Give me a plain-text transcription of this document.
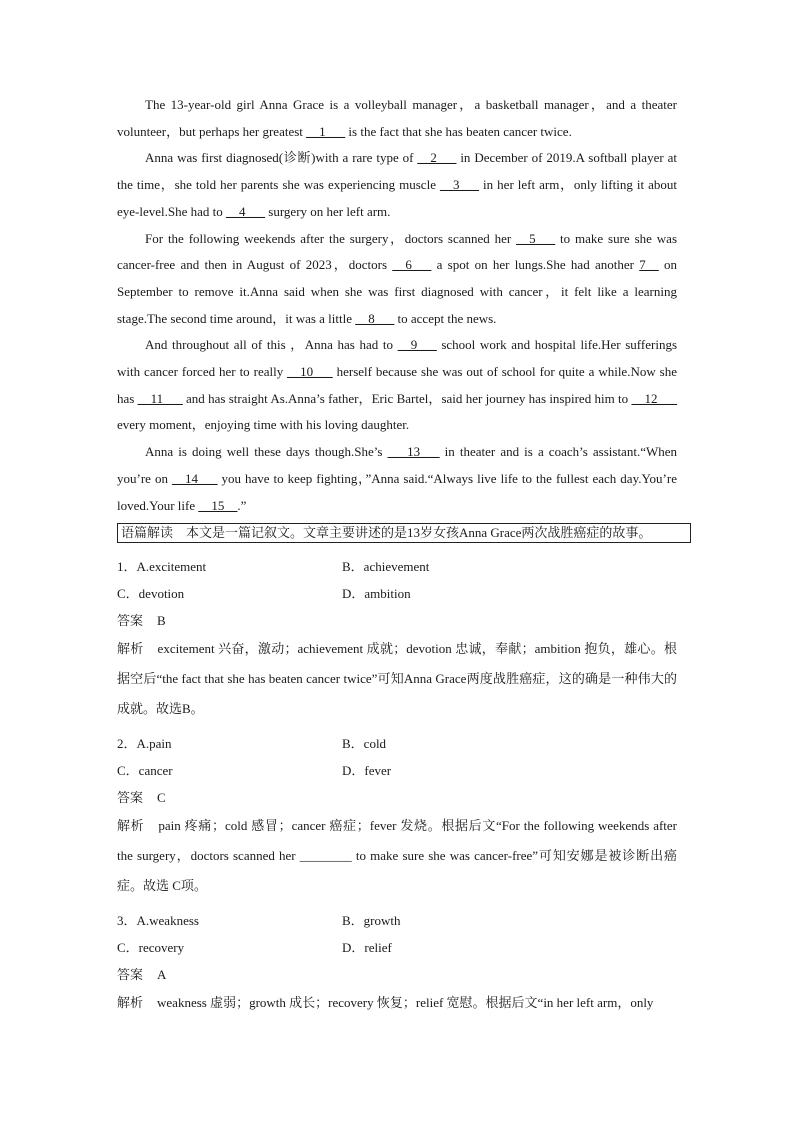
The 13-year-old girl Anna Grace is a volleyball manager，a basketball manager，and a theater volunteer，but perhaps her greatest __1___ is the fact that she has beaten cancer twice.

Anna was first diagnosed(诊断)with a rare type of __2___ in December of 2019.A softball player at the time，she told her parents she was experiencing muscle __3___ in her left arm，only lifting it about eye-level.She had to __4___ surgery on her left arm.

For the following weekends after the surgery，doctors scanned her __5___ to make sure she was cancer-free and then in August of 2023，doctors __6___ a spot on her lungs.She had another 7__ on September to remove it.Anna said when she was first diagnosed with cancer，it felt like a learning stage.The second time around，it was a little __8___ to accept the news.

And throughout all of this ，Anna has had to __9___ school work and hospital life.Her sufferings with cancer forced her to really __10___ herself because she was out of school for quite a while.Now she has __11___ and has straight As.Anna’s father，Eric Bartel，said her journey has inspired him to __12___ every moment，enjoying time with his loving daughter.

Anna is doing well these days though.She’s ___13___ in theater and is a coach’s assistant.“When you’re on __14___ you have to keep fighting，”Anna said.“Always live life to the fullest each day.You’re loved.Your life __15__.”

语篇解读　本文是一篇记叙文。文章主要讲述的是13岁女孩Anna Grace两次战胜癌症的故事。
1．A.excitement	B．achievement
C．devotion	D．ambition
答案 B

解析 excitement 兴奋，激动；achievement 成就；devotion 忠诚，奉献；ambition 抱负，雄心。根据空后“the fact that she has beaten cancer twice”可知Anna Grace两度战胜癌症，这的确是一种伟大的成就。故选B。

2．A.pain	B．cold
C．cancer	D．fever
答案 C

解析 pain 疼痛；cold 感冒；cancer 癌症；fever 发烧。根据后文“For the following weekends after the surgery，doctors scanned her ________ to make sure she was cancer-free”可知安娜是被诊断出癌症。故选 C项。

3．A.weakness	B．growth
C．recovery	D．relief
答案 A

解析 weakness 虚弱；growth 成长；recovery 恢复；relief 宽慰。根据后文“in her left arm，only
